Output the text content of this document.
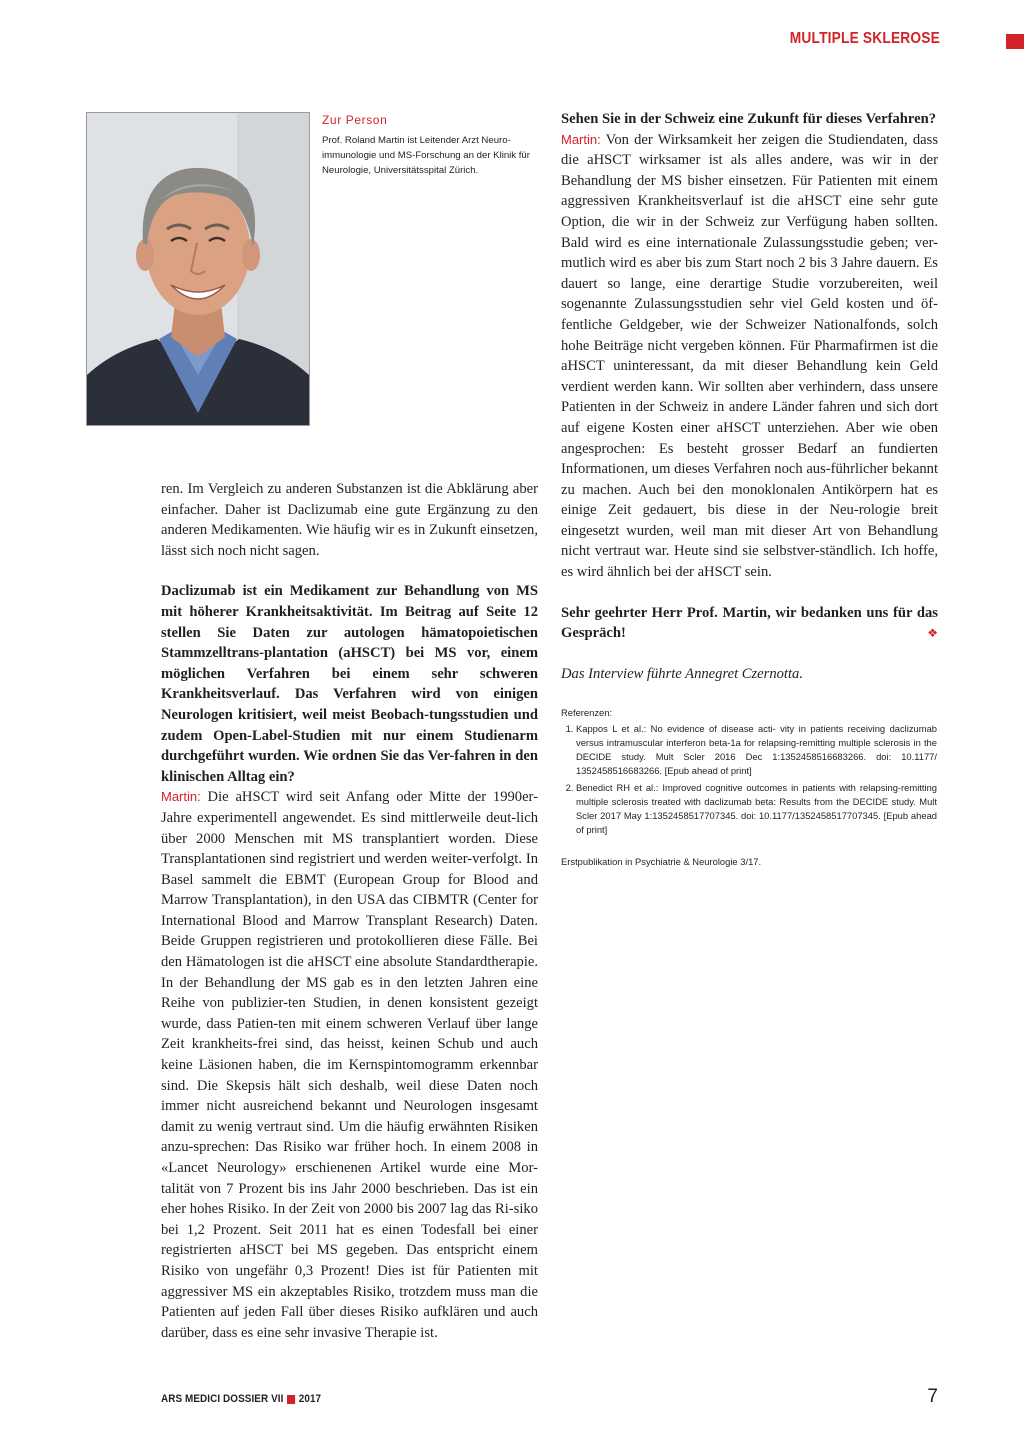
MULTIPLE SKLEROSE
Zur Person
Prof. Roland Martin ist Leitender Arzt Neuro-immunologie und MS-Forschung an der Klinik für Neurologie, Universitätsspital Zürich.

ren. Im Vergleich zu anderen Substanzen ist die Abklärung aber einfacher. Daher ist Daclizumab eine gute Ergänzung zu den anderen Medikamenten. Wie häufig wir es in Zukunft einsetzen, lässt sich noch nicht sagen.

Daclizumab ist ein Medikament zur Behandlung von MS mit höherer Krankheitsaktivität. Im Beitrag auf Seite 12 stellen Sie Daten zur autologen hämatopoietischen Stammzelltrans-plantation (aHSCT) bei MS vor, einem möglichen Verfahren bei einem sehr schweren Krankheitsverlauf. Das Verfahren wird von einigen Neurologen kritisiert, weil meist Beobach-tungsstudien und zudem Open-Label-Studien mit nur einem Studienarm durchgeführt wurden. Wie ordnen Sie das Ver-fahren in den klinischen Alltag ein?

Martin: Die aHSCT wird seit Anfang oder Mitte der 1990er-Jahre experimentell angewendet. Es sind mittlerweile deut-lich über 2000 Menschen mit MS transplantiert worden. Diese Transplantationen sind registriert und werden weiter-verfolgt. In Basel sammelt die EBMT (European Group for Blood and Marrow Transplantation), in den USA das CIBMTR (Center for International Blood and Marrow Transplant Research) Daten. Beide Gruppen registrieren und protokollieren diese Fälle. Bei den Hämatologen ist die aHSCT eine absolute Standardtherapie. In der Behandlung der MS gab es in den letzten Jahren eine Reihe von publizier-ten Studien, in denen konsistent gezeigt wurde, dass Patien-ten mit einem schweren Verlauf über lange Zeit krankheits-frei sind, das heisst, keinen Schub und auch keine Läsionen haben, die im Kernspintomogramm erkennbar sind. Die Skepsis hält sich deshalb, weil diese Daten noch immer nicht ausreichend bekannt und Neurologen insgesamt damit zu wenig vertraut sind. Um die häufig erwähnten Risiken anzu-sprechen: Das Risiko war früher hoch. In einem 2008 in «Lancet Neurology» erschienenen Artikel wurde eine Mor-talität von 7 Prozent bis ins Jahr 2000 beschrieben. Das ist ein eher hohes Risiko. In der Zeit von 2000 bis 2007 lag das Ri-siko bei 1,2 Prozent. Seit 2011 hat es einen Todesfall bei einer registrierten aHSCT bei MS gegeben. Das entspricht einem Risiko von ungefähr 0,3 Prozent! Dies ist für Patienten mit aggressiver MS ein akzeptables Risiko, trotzdem muss man die Patienten auf jeden Fall über dieses Risiko aufklären und auch darüber, dass es eine sehr invasive Therapie ist.

Sehen Sie in der Schweiz eine Zukunft für dieses Verfahren?

Martin: Von der Wirksamkeit her zeigen die Studiendaten, dass die aHSCT wirksamer ist als alles andere, was wir in der Behandlung der MS bisher einsetzen. Für Patienten mit einem aggressiven Krankheitsverlauf ist die aHSCT eine sehr gute Option, die wir in der Schweiz zur Verfügung haben sollten. Bald wird es eine internationale Zulassungsstudie geben; ver-mutlich wird es aber bis zum Start noch 2 bis 3 Jahre dauern. Es dauert so lange, eine derartige Studie vorzubereiten, weil sogenannte Zulassungsstudien sehr viel Geld kosten und öf-fentliche Geldgeber, wie der Schweizer Nationalfonds, solch hohe Beiträge nicht vergeben können. Für Pharmafirmen ist die aHSCT uninteressant, da mit dieser Behandlung kein Geld verdient werden kann. Wir sollten aber verhindern, dass unsere Patienten in der Schweiz in andere Länder fahren und sich dort auf eigene Kosten einer aHSCT unterziehen. Aber wie oben angesprochen: Es besteht grosser Bedarf an fundierten Informationen, um dieses Verfahren noch aus-führlicher bekannt zu machen. Auch bei den monoklonalen Antikörpern hat es einige Zeit gedauert, bis diese in der Neu-rologie breit eingesetzt wurden, weil man mit dieser Art von Behandlung nicht vertraut war. Heute sind sie selbstver-ständlich. Ich hoffe, es wird ähnlich bei der aHSCT sein.

Sehr geehrter Herr Prof. Martin, wir bedanken uns für das Gespräch!	❖

Das Interview führte Annegret Czernotta.

Referenzen:
1. Kappos L et al.: No evidence of disease acti- vity in patients receiving daclizumab versus intramuscular interferon beta-1a for relapsing-remitting multiple sclerosis in the DECIDE study. Mult Scler 2016 Dec 1:1352458516683266. doi: 10.1177/ 1352458516683266. [Epub ahead of print]
2. Benedict RH et al.: Improved cognitive outcomes in patients with relapsing-remitting multiple sclerosis treated with daclizumab beta: Results from the DECIDE study. Mult Scler 2017 May 1:1352458517707345. doi: 10.1177/1352458517707345. [Epub ahead of print]
Erstpublikation in Psychiatrie & Neurologie 3/17.
ARS MEDICI DOSSIER VII 2017	7
